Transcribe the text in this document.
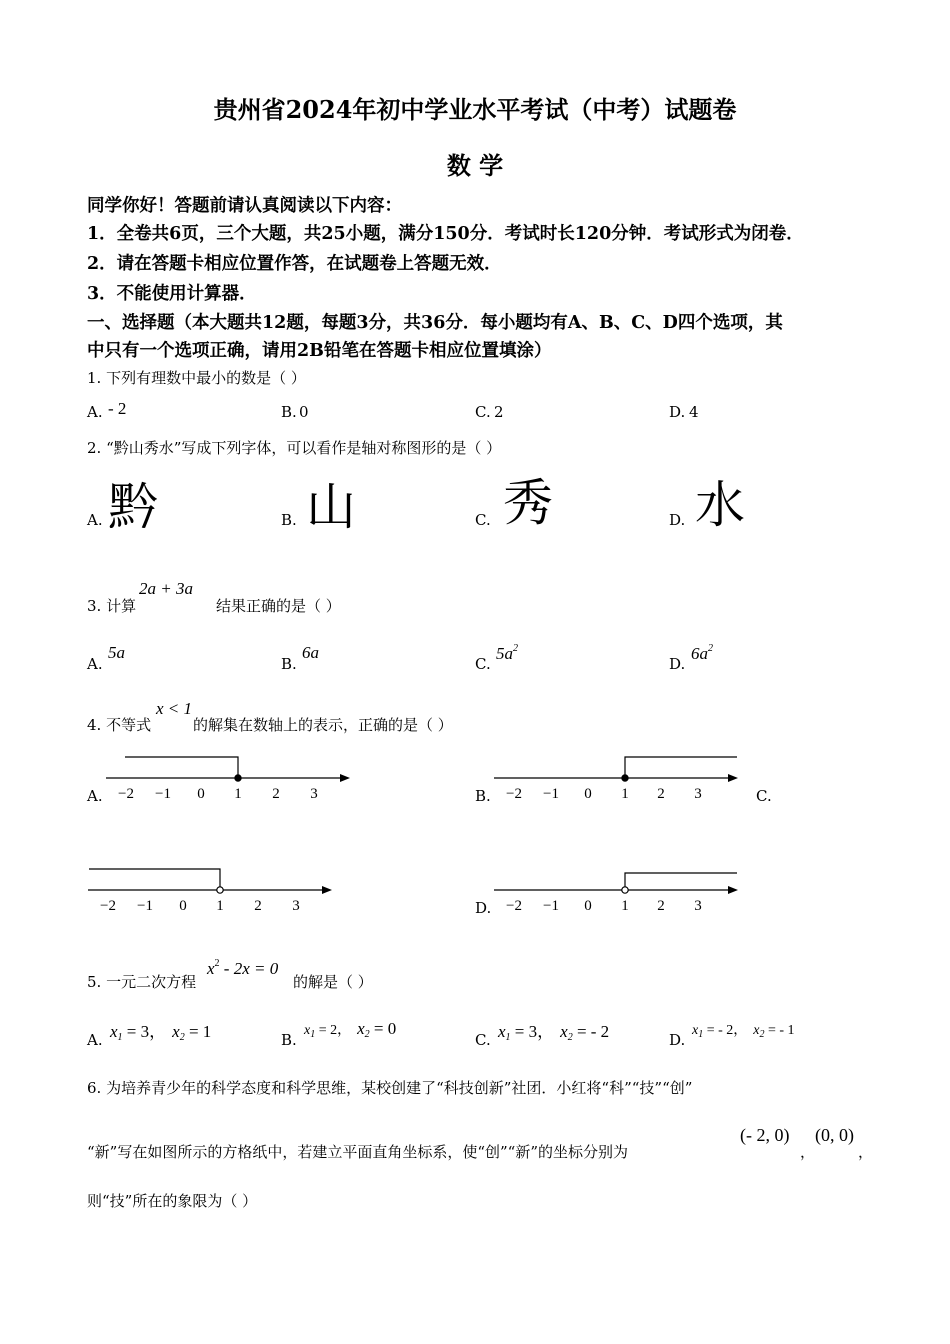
贵州省2024年初中学业水平考试（中考）试题卷
数 学
同学你好！答题前请认真阅读以下内容：
1．全卷共6页，三个大题，共25小题，满分150分．考试时长120分钟．考试形式为闭卷．
2．请在答题卡相应位置作答，在试题卷上答题无效．
3．不能使用计算器．
一、选择题（本大题共12题，每题3分，共36分．每小题均有A、B、C、D四个选项，其
中只有一个选项正确，请用2B铅笔在答题卡相应位置填涂）
1. 下列有理数中最小的数是（ ）
A. - 2	B. 0	C. 2	D. 4
2. “黔山秀水”写成下列字体，可以看作是轴对称图形的是（ ）
A. 黔	B. 山	C. 秀	D. 水
3. 计算
2a + 3a
结果正确的是（ ）
A.
5a
B.
6a
C.
$5a^2$
D.
$6a^2$
4. 不等式
x < 1
的解集在数轴上的表示，正确的是（ ）
A. −2 −1 0 1 2 3	B. −2 −1 0 1 2 3	C.
−2 −1 0 1 2 3	D. −2 −1 0 1 2 3
5. 一元二次方程
$x^2 - 2x = 0$
的解是（ ）
A. $x_1 = 3$， $x_2 = 1$	B.
$x_1 = 2$， $x_2 = 0$
C. $x_1 = 3$， $x_2$ = - 2	D.
$x_1$ = - 2， $x_2$ = - 1
6. 为培养青少年的科学态度和科学思维，某校创建了“科技创新”社团．小红将“科”“技”“创”
“新”写在如图所示的方格纸中，若建立平面直角坐标系，使“创”“新”的坐标分别为
(- 2, 0)
，
(0, 0)
，
则“技”所在的象限为（ ）
